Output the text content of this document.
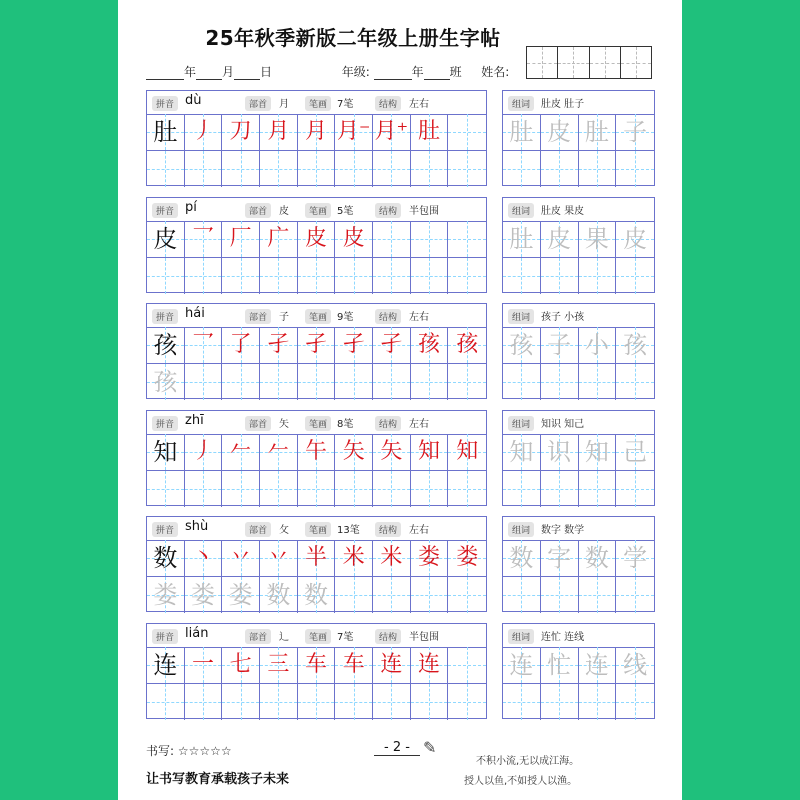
25年秋季新版二年级上册生字帖
年 月 日	年级:	年 班 姓名:
拼音 dù	部首	月	笔画 7笔	结构	左右
肚 丿 刀 月 月 月⁻ 月⁺ 肚
组词	肚皮 肚子
肚 皮 肚 子
拼音 pí	部首	皮	笔画 5笔	结构	半包围
皮 乛 厂 广 皮 皮
组词	肚皮 果皮
肚 皮 果 皮
拼音 hái	部首	子	笔画 9笔	结构	左右
孩 乛 了 孑 孑 孑 孑 孩 孩
孩
组词	孩子 小孩
孩 子 小 孩
拼音 zhī	部首	矢	笔画 8笔	结构	左右
知 丿 𠂉 𠂉 午 矢 矢 知 知
组词	知识 知己
知 识 知 己
拼音 shù	部首	攵	笔画 13笔	结构	左右
数 丶 丷 丷 半 米 米 娄 娄
娄 娄 娄 数 数
组词	数字 数学
数 字 数 学
拼音 lián	部首	辶	笔画 7笔	结构	半包围
连 一 七 三 车 车 连 连
组词	连忙 连线
连 忙 连 线
书写: ☆☆☆☆☆	- 2 - ✎
不积小流,无以成江海。
授人以鱼,不如授人以渔。
让书写教育承载孩子未来
